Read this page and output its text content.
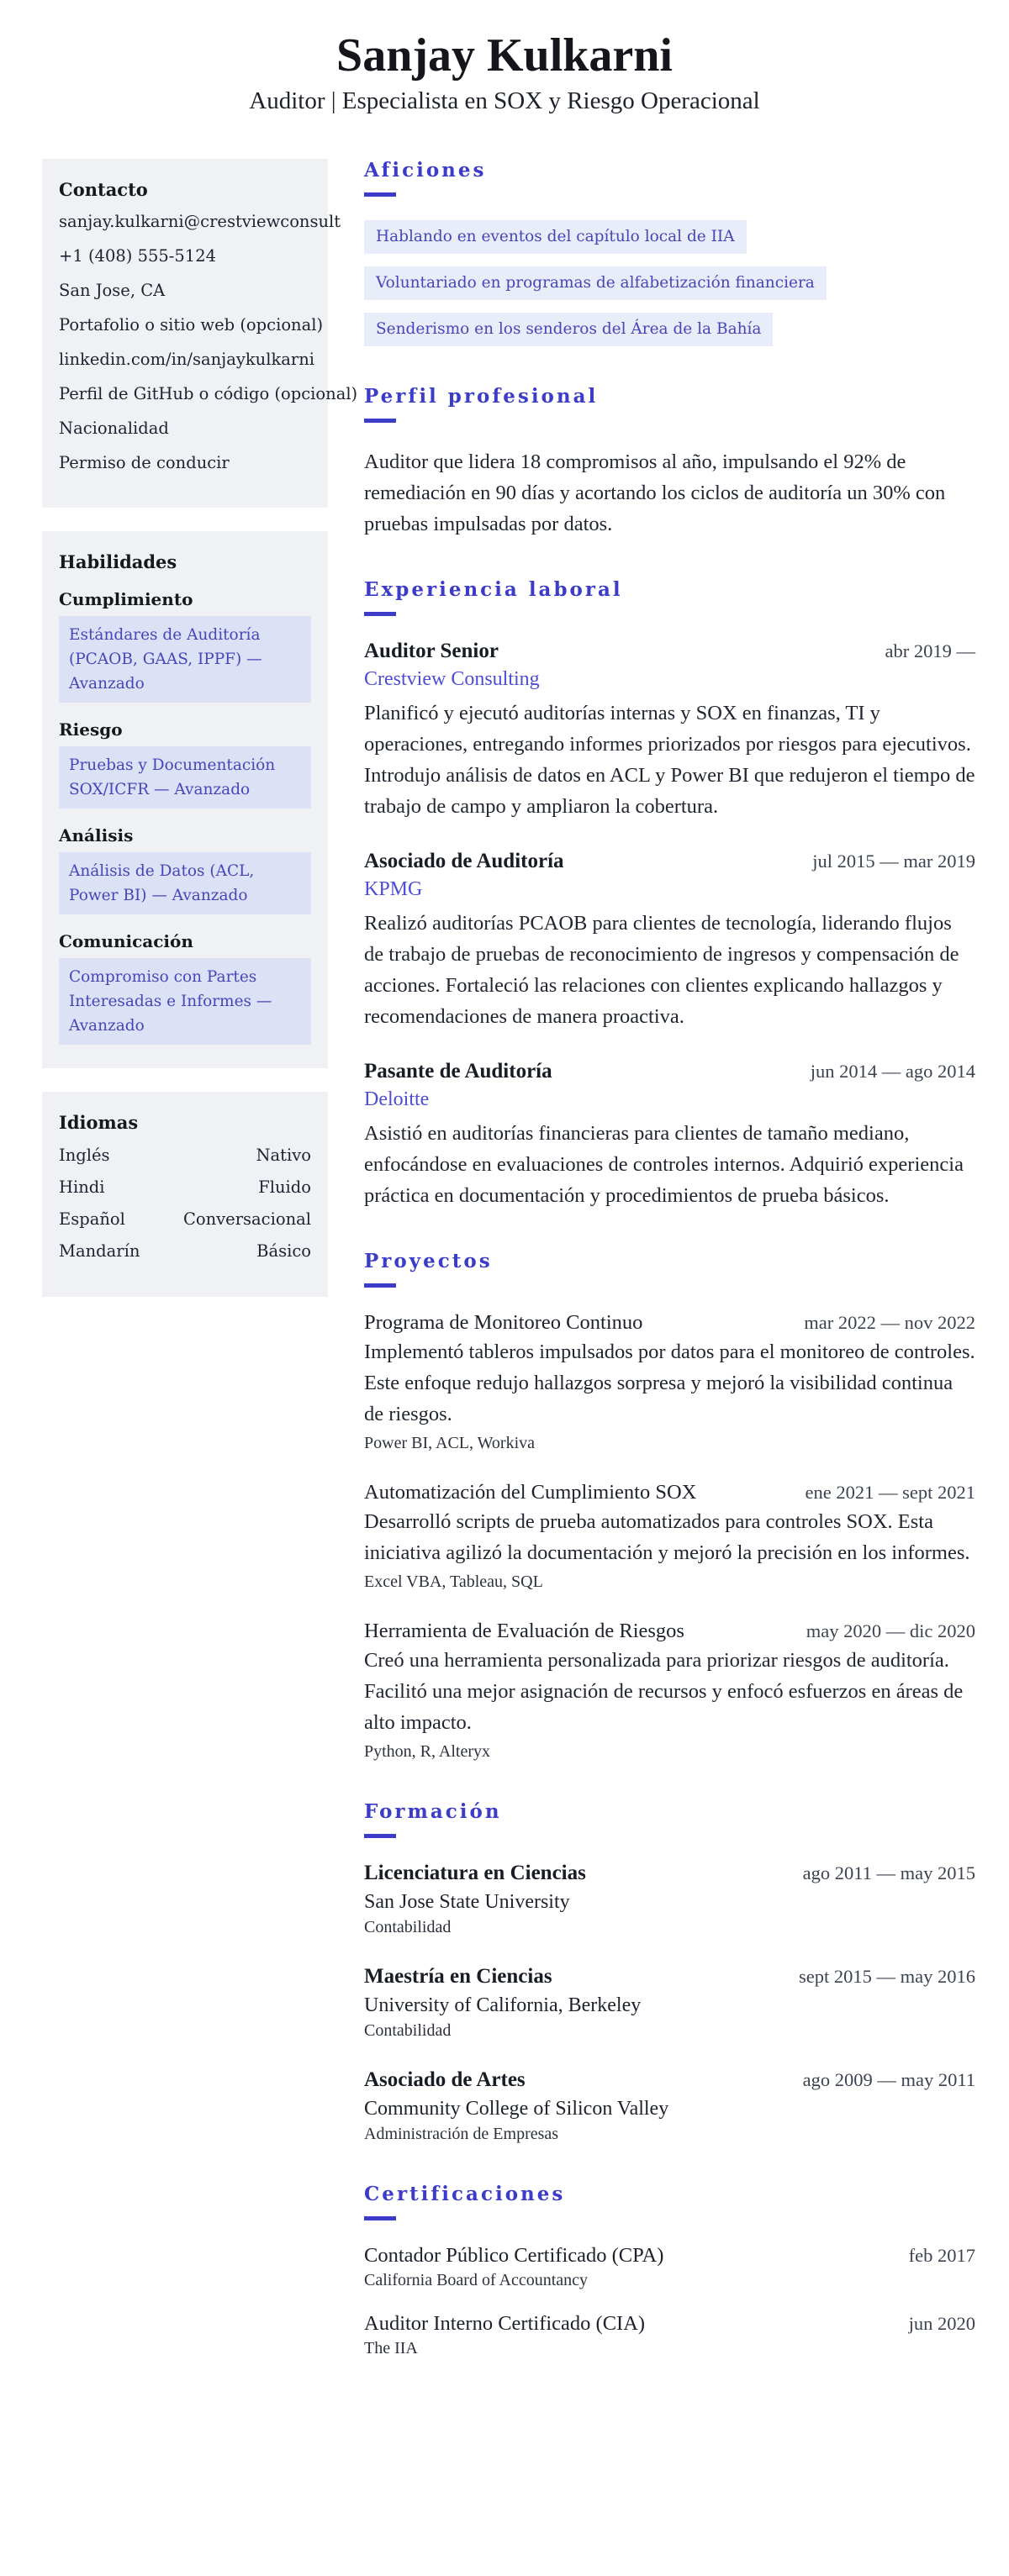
Sanjay Kulkarni
Auditor | Especialista en SOX y Riesgo Operacional
Contacto
sanjay.kulkarni@crestviewconsult
+1 (408) 555-5124
San Jose, CA
Portafolio o sitio web (opcional)
linkedin.com/in/sanjaykulkarni
Perfil de GitHub o código (opcional)
Nacionalidad
Permiso de conducir
Habilidades
Cumplimiento
Estándares de Auditoría (PCAOB, GAAS, IPPF) — Avanzado
Riesgo
Pruebas y Documentación SOX/ICFR — Avanzado
Análisis
Análisis de Datos (ACL, Power BI) — Avanzado
Comunicación
Compromiso con Partes Interesadas e Informes — Avanzado
Idiomas
Inglés	Nativo
Hindi	Fluido
Español	Conversacional
Mandarín	Básico
Aficiones
Hablando en eventos del capítulo local de IIA
Voluntariado en programas de alfabetización financiera
Senderismo en los senderos del Área de la Bahía
Perfil profesional

Auditor que lidera 18 compromisos al año, impulsando el 92% de remediación en 90 días y acortando los ciclos de auditoría un 30% con pruebas impulsadas por datos.

Experiencia laboral
Auditor Senior	abr 2019 —
Crestview Consulting
Planificó y ejecutó auditorías internas y SOX en finanzas, TI y operaciones, entregando informes priorizados por riesgos para ejecutivos. Introdujo análisis de datos en ACL y Power BI que redujeron el tiempo de trabajo de campo y ampliaron la cobertura.
Asociado de Auditoría	jul 2015 — mar 2019
KPMG
Realizó auditorías PCAOB para clientes de tecnología, liderando flujos de trabajo de pruebas de reconocimiento de ingresos y compensación de acciones. Fortaleció las relaciones con clientes explicando hallazgos y recomendaciones de manera proactiva.
Pasante de Auditoría	jun 2014 — ago 2014
Deloitte
Asistió en auditorías financieras para clientes de tamaño mediano, enfocándose en evaluaciones de controles internos. Adquirió experiencia práctica en documentación y procedimientos de prueba básicos.
Proyectos
Programa de Monitoreo Continuo	mar 2022 — nov 2022
Implementó tableros impulsados por datos para el monitoreo de controles. Este enfoque redujo hallazgos sorpresa y mejoró la visibilidad continua de riesgos.
Power BI, ACL, Workiva
Automatización del Cumplimiento SOX	ene 2021 — sept 2021
Desarrolló scripts de prueba automatizados para controles SOX. Esta iniciativa agilizó la documentación y mejoró la precisión en los informes.
Excel VBA, Tableau, SQL
Herramienta de Evaluación de Riesgos	may 2020 — dic 2020
Creó una herramienta personalizada para priorizar riesgos de auditoría. Facilitó una mejor asignación de recursos y enfocó esfuerzos en áreas de alto impacto.
Python, R, Alteryx
Formación
Licenciatura en Ciencias	ago 2011 — may 2015
San Jose State University
Contabilidad
Maestría en Ciencias	sept 2015 — may 2016
University of California, Berkeley
Contabilidad
Asociado de Artes	ago 2009 — may 2011
Community College of Silicon Valley
Administración de Empresas
Certificaciones
Contador Público Certificado (CPA)	feb 2017
California Board of Accountancy
Auditor Interno Certificado (CIA)	jun 2020
The IIA
